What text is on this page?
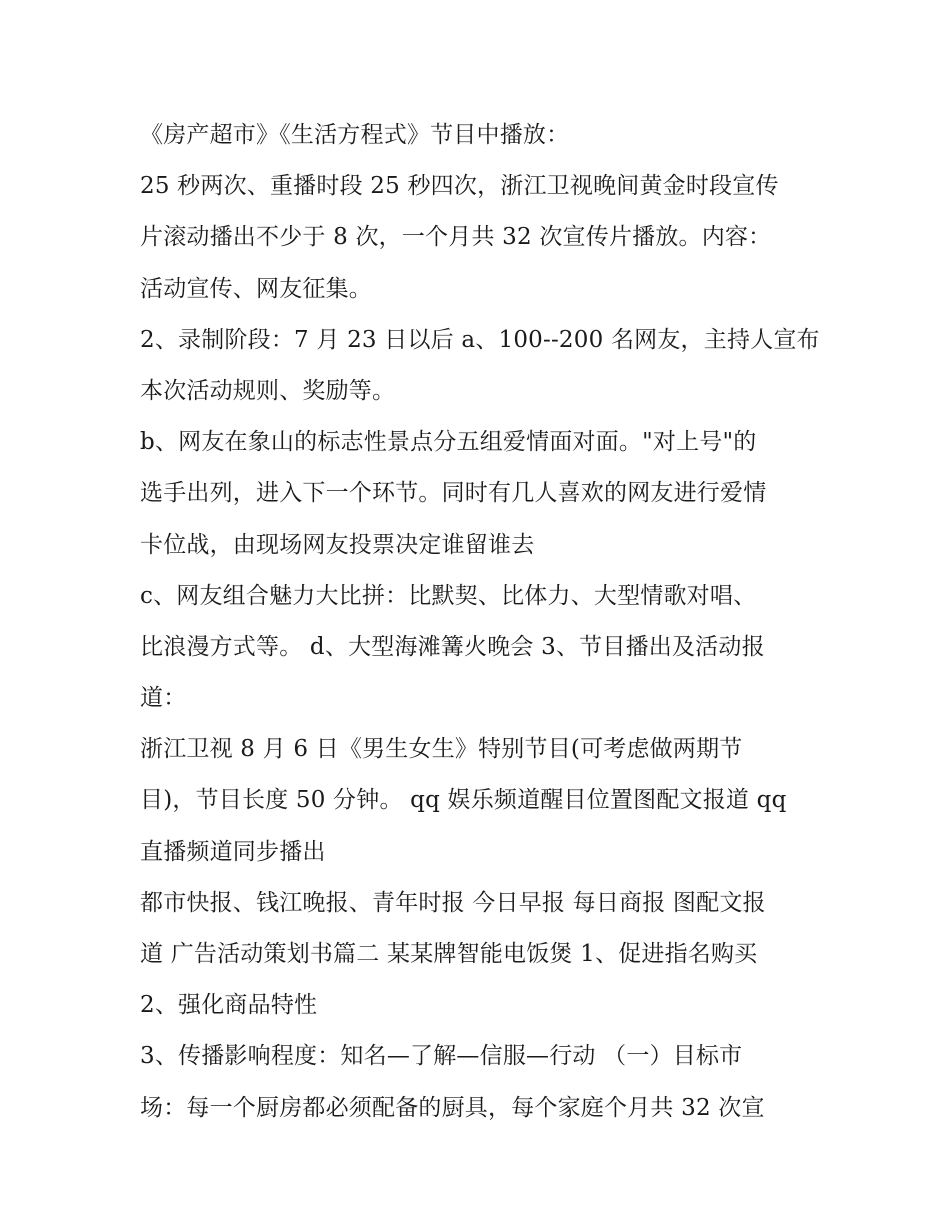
《房产超市》《生活方程式》节目中播放：
25 秒两次、重播时段 25 秒四次，浙江卫视晚间黄金时段宣传
片滚动播出不少于 8 次，一个月共 32 次宣传片播放。内容：
活动宣传、网友征集。
2、录制阶段：7 月 23 日以后 a、100--200 名网友，主持人宣布
本次活动规则、奖励等。
b、网友在象山的标志性景点分五组爱情面对面。"对上号"的
选手出列，进入下一个环节。同时有几人喜欢的网友进行爱情
卡位战，由现场网友投票决定谁留谁去
c、网友组合魅力大比拼：比默契、比体力、大型情歌对唱、
比浪漫方式等。 d、大型海滩篝火晚会 3、节目播出及活动报
道：
浙江卫视 8 月 6 日《男生女生》特别节目(可考虑做两期节
目)，节目长度 50 分钟。 qq 娱乐频道醒目位置图配文报道 qq
直播频道同步播出
都市快报、钱江晚报、青年时报 今日早报 每日商报 图配文报
道 广告活动策划书篇二 某某牌智能电饭煲 1、促进指名购买
2、强化商品特性
3、传播影响程度：知名—了解—信服—行动 （一）目标市
场：每一个厨房都必须配备的厨具，每个家庭个月共 32 次宣
